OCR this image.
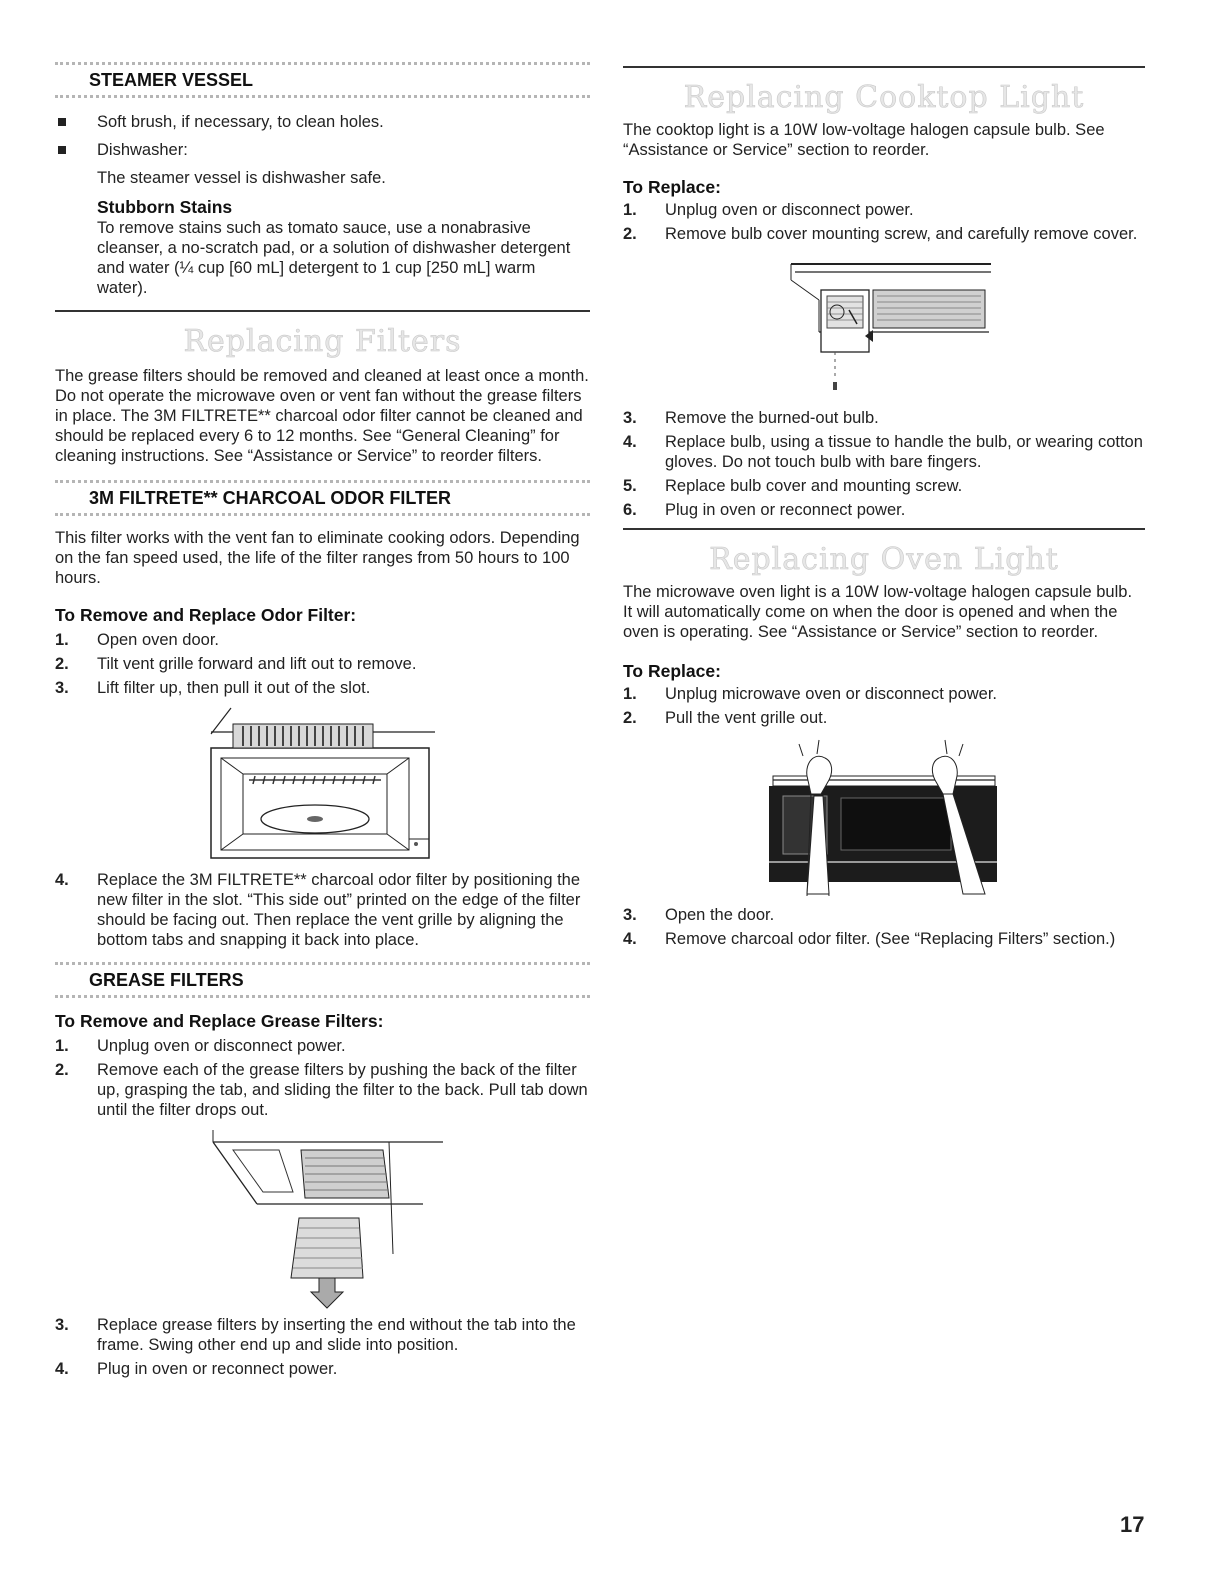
STEAMER VESSEL

Soft brush, if necessary, to clean holes.

Dishwasher:

The steamer vessel is dishwasher safe.

Stubborn Stains

To remove stains such as tomato sauce, use a nonabrasive cleanser, a no-scratch pad, or a solution of dishwasher detergent and water (¼ cup [60 mL] detergent to 1 cup [250 mL] warm water).

Replacing Filters

The grease filters should be removed and cleaned at least once a month. Do not operate the microwave oven or vent fan without the grease filters in place. The 3M FILTRETE** charcoal odor filter cannot be cleaned and should be replaced every 6 to 12 months. See “General Cleaning” for cleaning instructions. See “Assistance or Service” to reorder filters.

3M FILTRETE** CHARCOAL ODOR FILTER

This filter works with the vent fan to eliminate cooking odors. Depending on the fan speed used, the life of the filter ranges from 50 hours to 100 hours.

To Remove and Replace Odor Filter:

1. Open oven door.

2. Tilt vent grille forward and lift out to remove.

3. Lift filter up, then pull it out of the slot.

4. Replace the 3M FILTRETE** charcoal odor filter by positioning the new filter in the slot. “This side out” printed on the edge of the filter should be facing out. Then replace the vent grille by aligning the bottom tabs and snapping it back into place.

GREASE FILTERS

To Remove and Replace Grease Filters:

1. Unplug oven or disconnect power.

2. Remove each of the grease filters by pushing the back of the filter up, grasping the tab, and sliding the filter to the back. Pull tab down until the filter drops out.

3. Replace grease filters by inserting the end without the tab into the frame. Swing other end up and slide into position.

4. Plug in oven or reconnect power.

Replacing Cooktop Light

The cooktop light is a 10W low-voltage halogen capsule bulb. See “Assistance or Service” section to reorder.

To Replace:

1. Unplug oven or disconnect power.

2. Remove bulb cover mounting screw, and carefully remove cover.

3. Remove the burned-out bulb.

4. Replace bulb, using a tissue to handle the bulb, or wearing cotton gloves. Do not touch bulb with bare fingers.

5. Replace bulb cover and mounting screw.

6. Plug in oven or reconnect power.

Replacing Oven Light

The microwave oven light is a 10W low-voltage halogen capsule bulb. It will automatically come on when the door is opened and when the oven is operating. See “Assistance or Service” section to reorder.

To Replace:

1. Unplug microwave oven or disconnect power.

2. Pull the vent grille out.

3. Open the door.

4. Remove charcoal odor filter. (See “Replacing Filters” section.)

17
